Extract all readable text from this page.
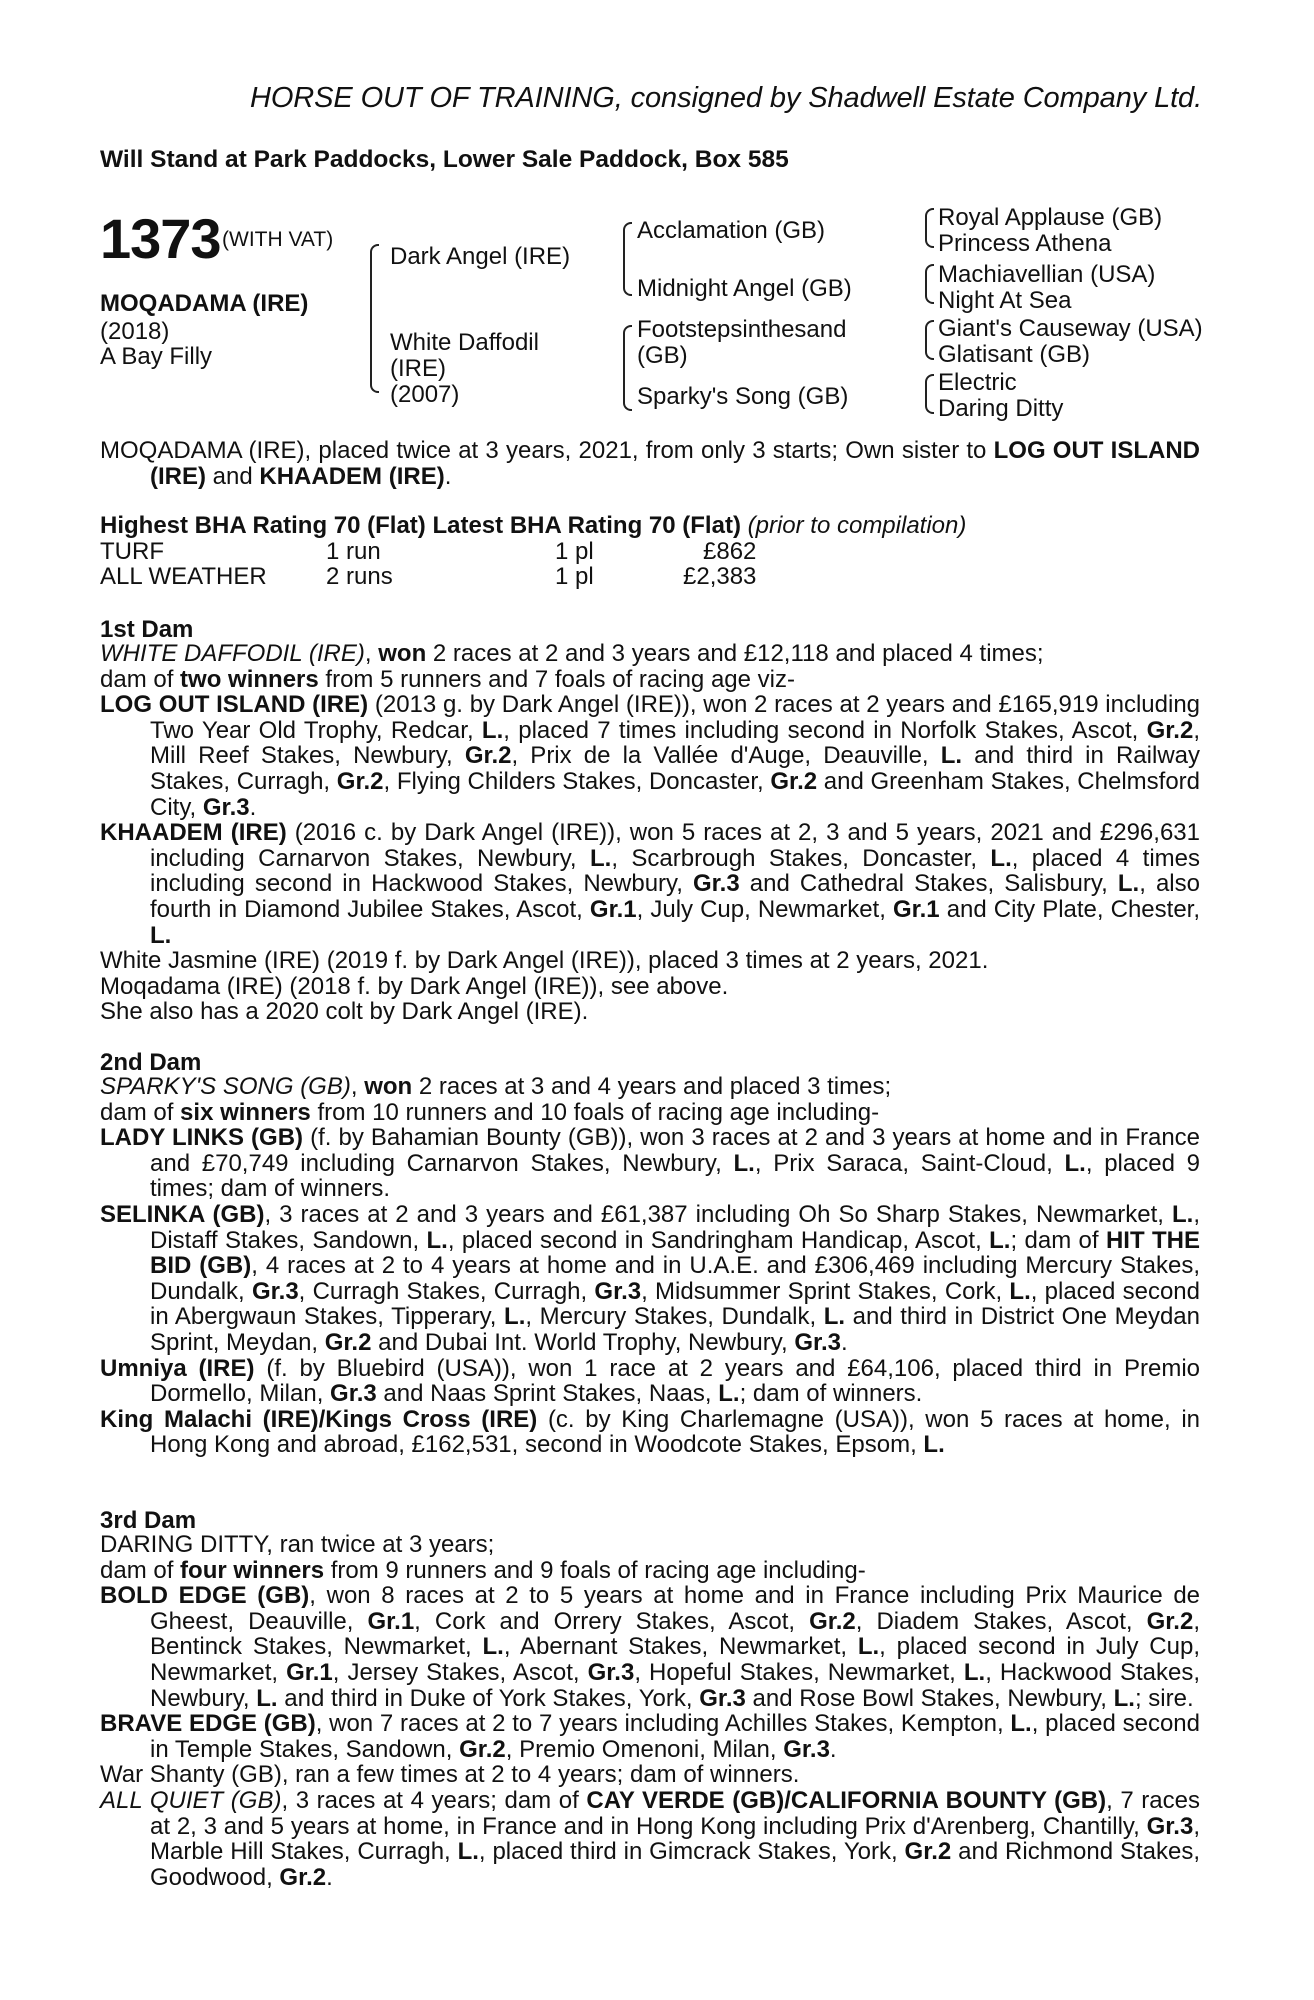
HORSE OUT OF TRAINING, consigned by Shadwell Estate Company Ltd.
Will Stand at Park Paddocks, Lower Sale Paddock, Box 585
1373 (WITH VAT)
MOQADAMA (IRE)
(2018)
A Bay Filly
Dark Angel (IRE)
White Daffodil
(IRE)
(2007)
Acclamation (GB)
Midnight Angel (GB)
Footstepsinthesand
(GB)
Sparky's Song (GB)
Royal Applause (GB)
Princess Athena
Machiavellian (USA)
Night At Sea
Giant's Causeway (USA)
Glatisant (GB)
Electric
Daring Ditty

MOQADAMA (IRE), placed twice at 3 years, 2021, from only 3 starts; Own sister to LOG OUT ISLAND (IRE) and KHAADEM (IRE).

Highest BHA Rating 70 (Flat) Latest BHA Rating 70 (Flat) (prior to compilation)
TURF	1 run	1 pl	£862
ALL WEATHER 2 runs	1 pl	£2,383
1st Dam

WHITE DAFFODIL (IRE), won 2 races at 2 and 3 years and £12,118 and placed 4 times;

dam of two winners from 5 runners and 7 foals of racing age viz-

LOG OUT ISLAND (IRE) (2013 g. by Dark Angel (IRE)), won 2 races at 2 years and £165,919 including Two Year Old Trophy, Redcar, L., placed 7 times including second in Norfolk Stakes, Ascot, Gr.2, Mill Reef Stakes, Newbury, Gr.2, Prix de la Vallée d'Auge, Deauville, L. and third in Railway Stakes, Curragh, Gr.2, Flying Childers Stakes, Doncaster, Gr.2 and Greenham Stakes, Chelmsford City, Gr.3.

KHAADEM (IRE) (2016 c. by Dark Angel (IRE)), won 5 races at 2, 3 and 5 years, 2021 and £296,631 including Carnarvon Stakes, Newbury, L., Scarbrough Stakes, Doncaster, L., placed 4 times including second in Hackwood Stakes, Newbury, Gr.3 and Cathedral Stakes, Salisbury, L., also fourth in Diamond Jubilee Stakes, Ascot, Gr.1, July Cup, Newmarket, Gr.1 and City Plate, Chester, L.

White Jasmine (IRE) (2019 f. by Dark Angel (IRE)), placed 3 times at 2 years, 2021.

Moqadama (IRE) (2018 f. by Dark Angel (IRE)), see above.

She also has a 2020 colt by Dark Angel (IRE).

2nd Dam

SPARKY'S SONG (GB), won 2 races at 3 and 4 years and placed 3 times;

dam of six winners from 10 runners and 10 foals of racing age including-

LADY LINKS (GB) (f. by Bahamian Bounty (GB)), won 3 races at 2 and 3 years at home and in France and £70,749 including Carnarvon Stakes, Newbury, L., Prix Saraca, Saint-Cloud, L., placed 9 times; dam of winners.

SELINKA (GB), 3 races at 2 and 3 years and £61,387 including Oh So Sharp Stakes, Newmarket, L., Distaff Stakes, Sandown, L., placed second in Sandringham Handicap, Ascot, L.; dam of HIT THE BID (GB), 4 races at 2 to 4 years at home and in U.A.E. and £306,469 including Mercury Stakes, Dundalk, Gr.3, Curragh Stakes, Curragh, Gr.3, Midsummer Sprint Stakes, Cork, L., placed second in Abergwaun Stakes, Tipperary, L., Mercury Stakes, Dundalk, L. and third in District One Meydan Sprint, Meydan, Gr.2 and Dubai Int. World Trophy, Newbury, Gr.3.

Umniya (IRE) (f. by Bluebird (USA)), won 1 race at 2 years and £64,106, placed third in Premio Dormello, Milan, Gr.3 and Naas Sprint Stakes, Naas, L.; dam of winners.

King Malachi (IRE)/Kings Cross (IRE) (c. by King Charlemagne (USA)), won 5 races at home, in Hong Kong and abroad, £162,531, second in Woodcote Stakes, Epsom, L.

3rd Dam

DARING DITTY, ran twice at 3 years;

dam of four winners from 9 runners and 9 foals of racing age including-

BOLD EDGE (GB), won 8 races at 2 to 5 years at home and in France including Prix Maurice de Gheest, Deauville, Gr.1, Cork and Orrery Stakes, Ascot, Gr.2, Diadem Stakes, Ascot, Gr.2, Bentinck Stakes, Newmarket, L., Abernant Stakes, Newmarket, L., placed second in July Cup, Newmarket, Gr.1, Jersey Stakes, Ascot, Gr.3, Hopeful Stakes, Newmarket, L., Hackwood Stakes, Newbury, L. and third in Duke of York Stakes, York, Gr.3 and Rose Bowl Stakes, Newbury, L.; sire.

BRAVE EDGE (GB), won 7 races at 2 to 7 years including Achilles Stakes, Kempton, L., placed second in Temple Stakes, Sandown, Gr.2, Premio Omenoni, Milan, Gr.3.

War Shanty (GB), ran a few times at 2 to 4 years; dam of winners.

ALL QUIET (GB), 3 races at 4 years; dam of CAY VERDE (GB)/CALIFORNIA BOUNTY (GB), 7 races at 2, 3 and 5 years at home, in France and in Hong Kong including Prix d'Arenberg, Chantilly, Gr.3, Marble Hill Stakes, Curragh, L., placed third in Gimcrack Stakes, York, Gr.2 and Richmond Stakes, Goodwood, Gr.2.
